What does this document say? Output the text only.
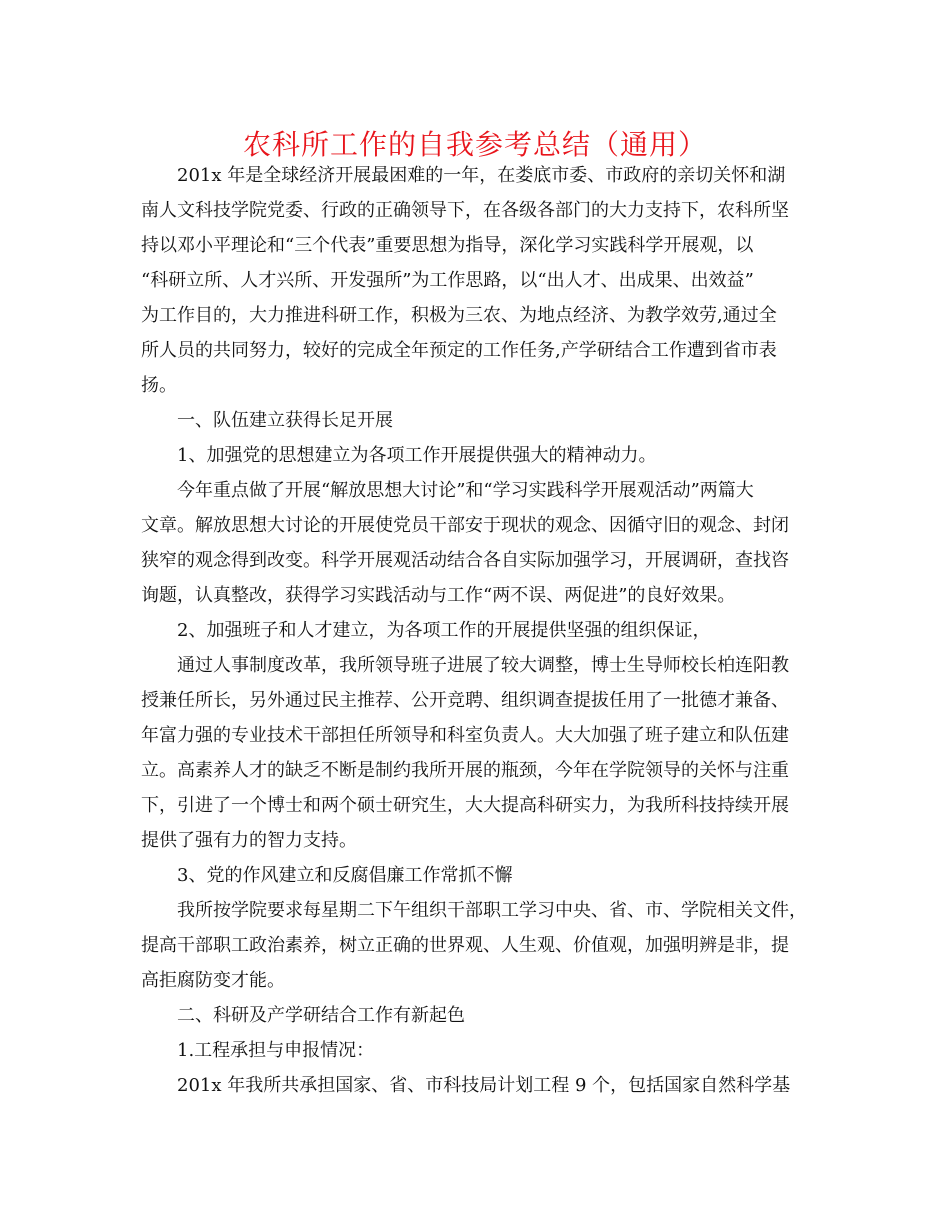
农科所工作的自我参考总结（通用）
201x 年是全球经济开展最困难的一年，在娄底市委、市政府的亲切关怀和湖
南人文科技学院党委、行政的正确领导下，在各级各部门的大力支持下，农科所坚
持以邓小平理论和“三个代表”重要思想为指导，深化学习实践科学开展观，以
“科研立所、人才兴所、开发强所”为工作思路，以“出人才、出成果、出效益”
为工作目的，大力推进科研工作，积极为三农、为地点经济、为教学效劳,通过全
所人员的共同努力，较好的完成全年预定的工作任务,产学研结合工作遭到省市表
扬。
一、队伍建立获得长足开展
1、加强党的思想建立为各项工作开展提供强大的精神动力。
今年重点做了开展“解放思想大讨论”和“学习实践科学开展观活动”两篇大
文章。解放思想大讨论的开展使党员干部安于现状的观念、因循守旧的观念、封闭
狭窄的观念得到改变。科学开展观活动结合各自实际加强学习，开展调研，查找咨
询题，认真整改，获得学习实践活动与工作“两不误、两促进”的良好效果。
2、加强班子和人才建立，为各项工作的开展提供坚强的组织保证，
通过人事制度改革，我所领导班子进展了较大调整，博士生导师校长柏连阳教
授兼任所长，另外通过民主推荐、公开竞聘、组织调查提拔任用了一批德才兼备、
年富力强的专业技术干部担任所领导和科室负责人。大大加强了班子建立和队伍建
立。高素养人才的缺乏不断是制约我所开展的瓶颈，今年在学院领导的关怀与注重
下，引进了一个博士和两个硕士研究生，大大提高科研实力，为我所科技持续开展
提供了强有力的智力支持。
3、党的作风建立和反腐倡廉工作常抓不懈
我所按学院要求每星期二下午组织干部职工学习中央、省、市、学院相关文件，
提高干部职工政治素养，树立正确的世界观、人生观、价值观，加强明辨是非，提
高拒腐防变才能。
二、科研及产学研结合工作有新起色
1.工程承担与申报情况：
201x 年我所共承担国家、省、市科技局计划工程 9 个，包括国家自然科学基
